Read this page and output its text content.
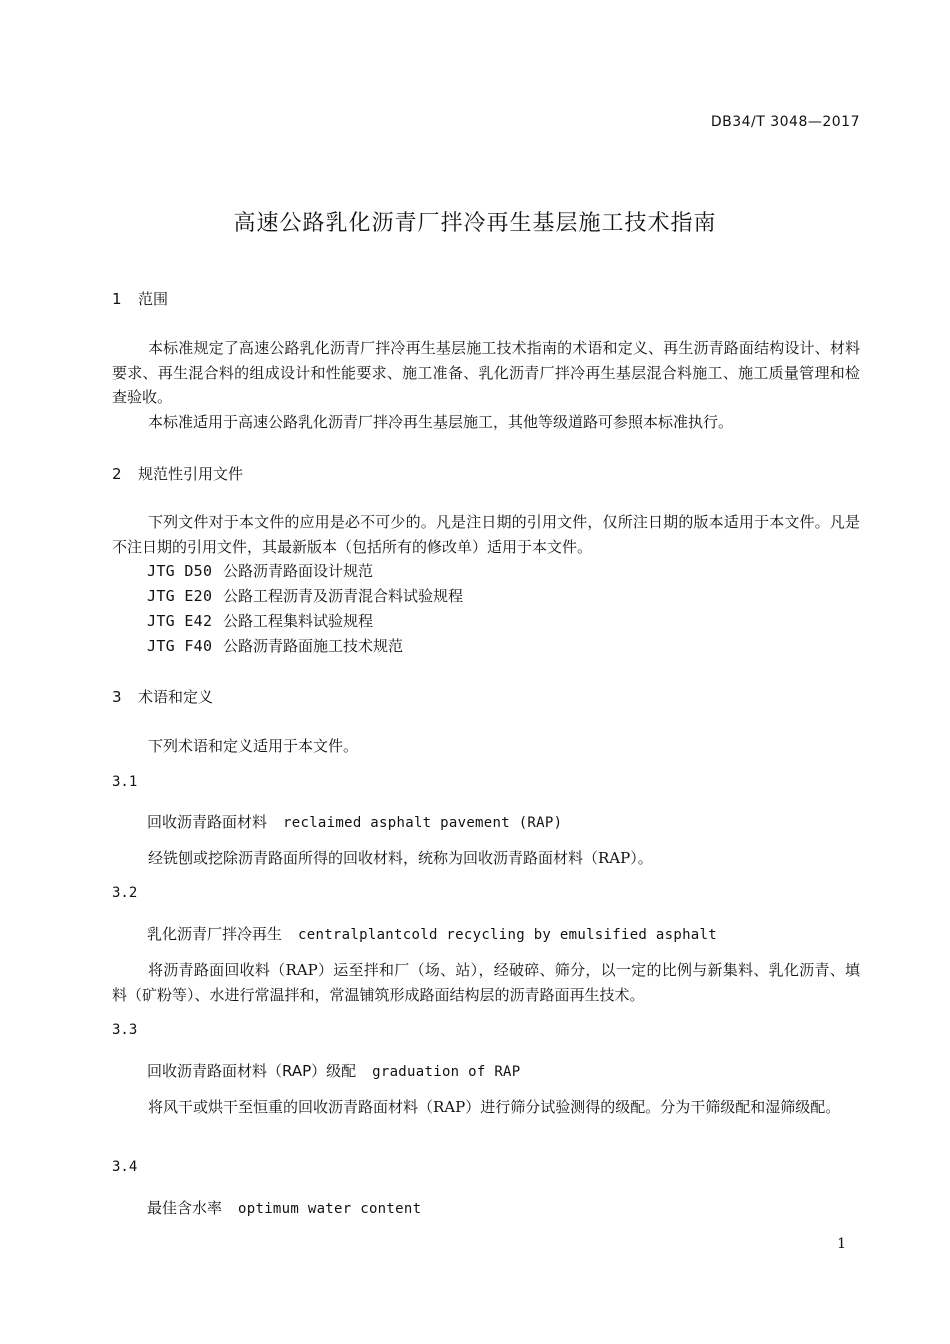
DB34/T 3048—2017
高速公路乳化沥青厂拌冷再生基层施工技术指南
1 范围
本标准规定了高速公路乳化沥青厂拌冷再生基层施工技术指南的术语和定义、再生沥青路面结构设计、材料要求、再生混合料的组成设计和性能要求、施工准备、乳化沥青厂拌冷再生基层混合料施工、施工质量管理和检查验收。
本标准适用于高速公路乳化沥青厂拌冷再生基层施工，其他等级道路可参照本标准执行。
2 规范性引用文件
下列文件对于本文件的应用是必不可少的。凡是注日期的引用文件，仅所注日期的版本适用于本文件。凡是不注日期的引用文件，其最新版本（包括所有的修改单）适用于本文件。
JTG D50 公路沥青路面设计规范
JTG E20 公路工程沥青及沥青混合料试验规程
JTG E42 公路工程集料试验规程
JTG F40 公路沥青路面施工技术规范
3 术语和定义
下列术语和定义适用于本文件。
3.1
回收沥青路面材料 reclaimed asphalt pavement (RAP)
经铣刨或挖除沥青路面所得的回收材料，统称为回收沥青路面材料（RAP）。
3.2
乳化沥青厂拌冷再生 centralplantcold recycling by emulsified asphalt
将沥青路面回收料（RAP）运至拌和厂（场、站），经破碎、筛分，以一定的比例与新集料、乳化沥青、填料（矿粉等）、水进行常温拌和，常温铺筑形成路面结构层的沥青路面再生技术。
3.3
回收沥青路面材料（RAP）级配 graduation of RAP
将风干或烘干至恒重的回收沥青路面材料（RAP）进行筛分试验测得的级配。分为干筛级配和湿筛级配。
3.4
最佳含水率 optimum water content
1
